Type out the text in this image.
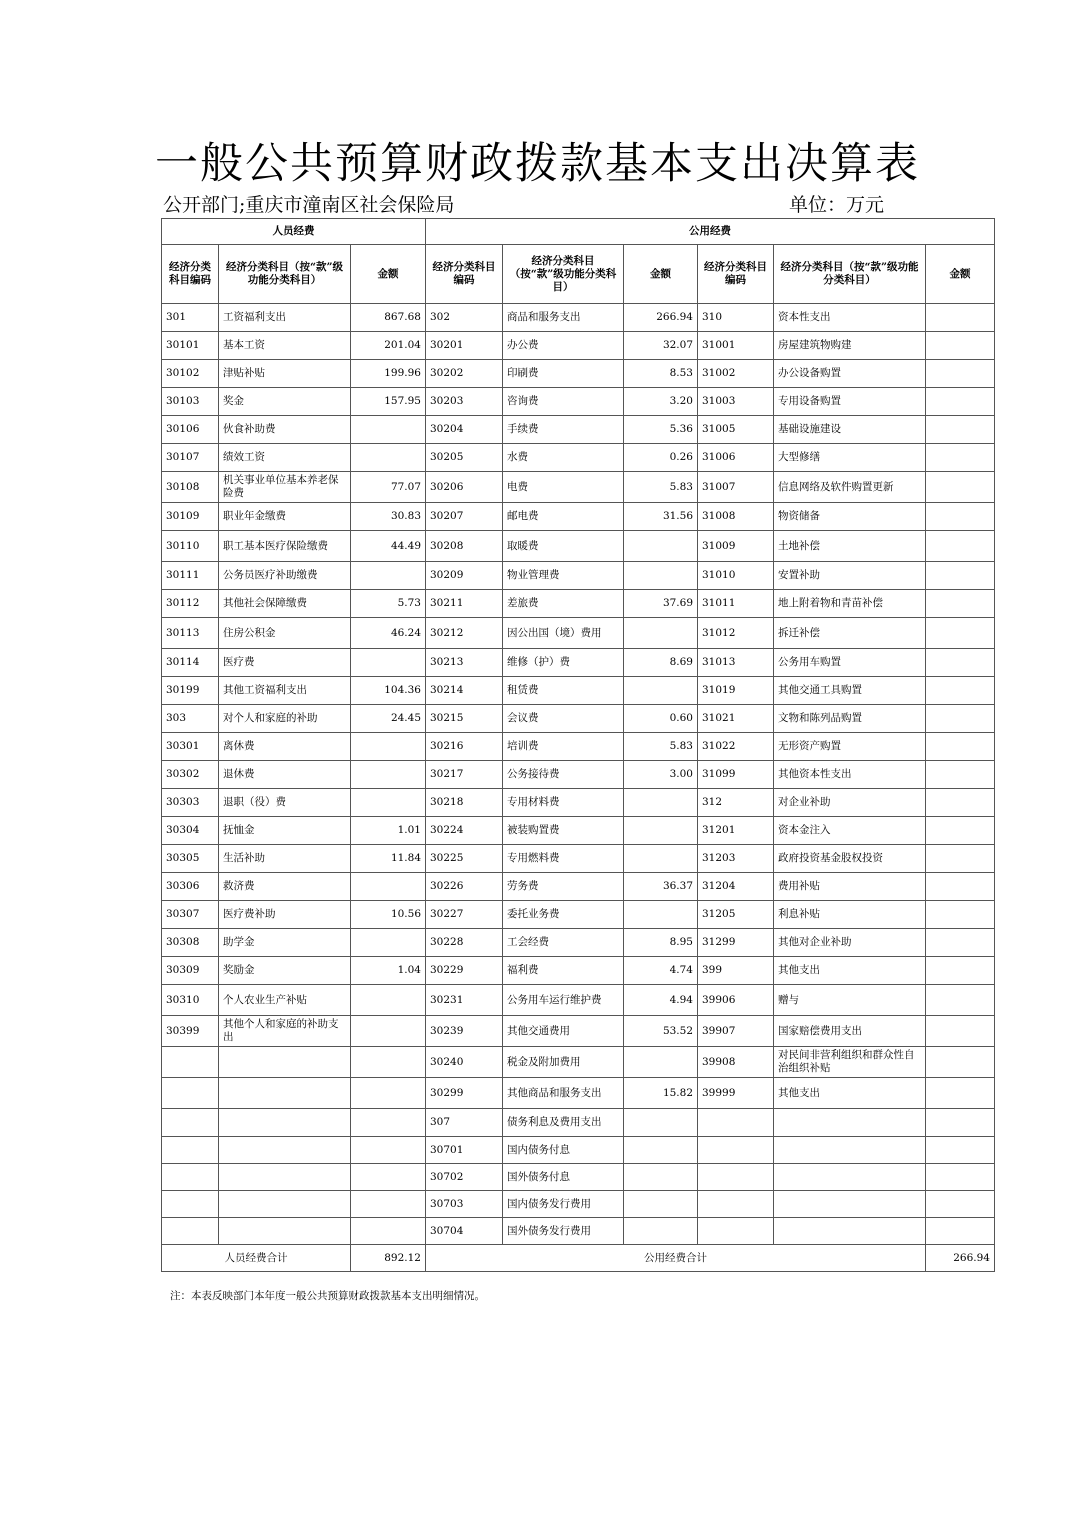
一般公共预算财政拨款基本支出决算表
公开部门;重庆市潼南区社会保险局	单位：万元
人员经费			公用经费					
经济分类科目编码	经济分类科目（按“款”级功能分类科目）	金额	经济分类科目编码	经济分类科目（按“款”级功能分类科目）	金额	经济分类科目编码	经济分类科目（按“款”级功能分类科目）	金额
301	工资福利支出	867.68	302	商品和服务支出	266.94	310	资本性支出	
30101	基本工资	201.04	30201	办公费	32.07	31001	房屋建筑物购建	
30102	津贴补贴	199.96	30202	印刷费	8.53	31002	办公设备购置	
30103	奖金	157.95	30203	咨询费	3.20	31003	专用设备购置	
30106	伙食补助费		30204	手续费	5.36	31005	基础设施建设	
30107	绩效工资		30205	水费	0.26	31006	大型修缮	
30108	机关事业单位基本养老保险费	77.07	30206	电费	5.83	31007	信息网络及软件购置更新	
30109	职业年金缴费	30.83	30207	邮电费	31.56	31008	物资储备	
30110	职工基本医疗保险缴费	44.49	30208	取暖费		31009	土地补偿	
30111	公务员医疗补助缴费		30209	物业管理费		31010	安置补助	
30112	其他社会保障缴费	5.73	30211	差旅费	37.69	31011	地上附着物和青苗补偿	
30113	住房公积金	46.24	30212	因公出国（境）费用		31012	拆迁补偿	
30114	医疗费		30213	维修（护）费	8.69	31013	公务用车购置	
30199	其他工资福利支出	104.36	30214	租赁费		31019	其他交通工具购置	
303	对个人和家庭的补助	24.45	30215	会议费	0.60	31021	文物和陈列品购置	
30301	离休费		30216	培训费	5.83	31022	无形资产购置	
30302	退休费		30217	公务接待费	3.00	31099	其他资本性支出	
30303	退职（役）费		30218	专用材料费		312	对企业补助	
30304	抚恤金	1.01	30224	被装购置费		31201	资本金注入	
30305	生活补助	11.84	30225	专用燃料费		31203	政府投资基金股权投资	
30306	救济费		30226	劳务费	36.37	31204	费用补贴	
30307	医疗费补助	10.56	30227	委托业务费		31205	利息补贴	
30308	助学金		30228	工会经费	8.95	31299	其他对企业补助	
30309	奖励金	1.04	30229	福利费	4.74	399	其他支出	
30310	个人农业生产补贴		30231	公务用车运行维护费	4.94	39906	赠与	
30399	其他个人和家庭的补助支出		30239	其他交通费用	53.52	39907	国家赔偿费用支出	
			30240	税金及附加费用		39908	对民间非营利组织和群众性自治组织补贴	
			30299	其他商品和服务支出	15.82	39999	其他支出	
			307	债务利息及费用支出				
			30701	国内债务付息				
			30702	国外债务付息				
			30703	国内债务发行费用				
			30704	国外债务发行费用				
人员经费合计		892.12	公用经费合计					266.94
注：本表反映部门本年度一般公共预算财政拨款基本支出明细情况。
